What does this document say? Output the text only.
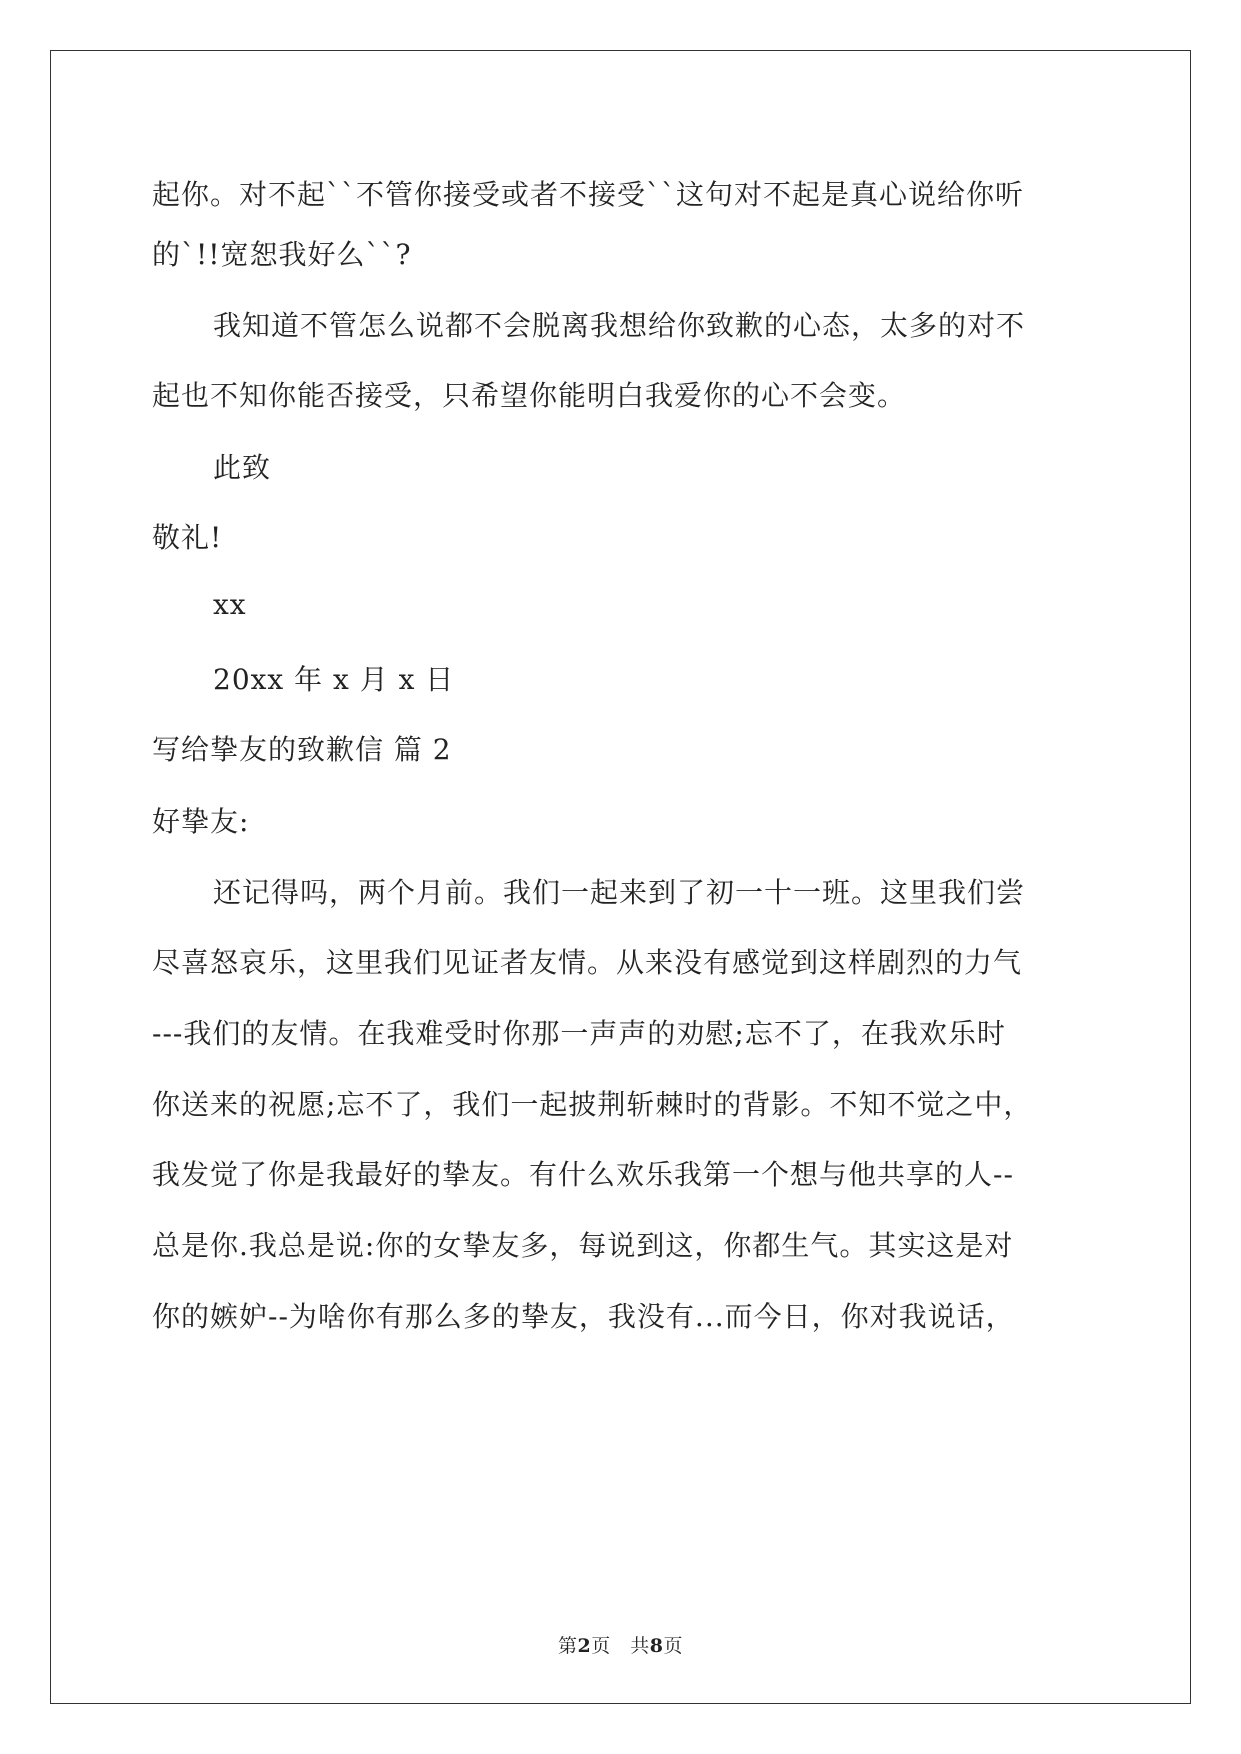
起你。对不起``不管你接受或者不接受``这句对不起是真心说给你听
的`!!宽恕我好么``?
我知道不管怎么说都不会脱离我想给你致歉的心态，太多的对不
起也不知你能否接受，只希望你能明白我爱你的心不会变。
此致
敬礼!
xx
20xx 年 x 月 x 日
写给挚友的致歉信 篇 2
好挚友:
还记得吗，两个月前。我们一起来到了初一十一班。这里我们尝
尽喜怒哀乐，这里我们见证者友情。从来没有感觉到这样剧烈的力气
---我们的友情。在我难受时你那一声声的劝慰;忘不了，在我欢乐时
你送来的祝愿;忘不了，我们一起披荆斩棘时的背影。不知不觉之中，
我发觉了你是我最好的挚友。有什么欢乐我第一个想与他共享的人--
总是你.我总是说:你的女挚友多，每说到这，你都生气。其实这是对
你的嫉妒--为啥你有那么多的挚友，我没有...而今日，你对我说话，
第2页　共8页
